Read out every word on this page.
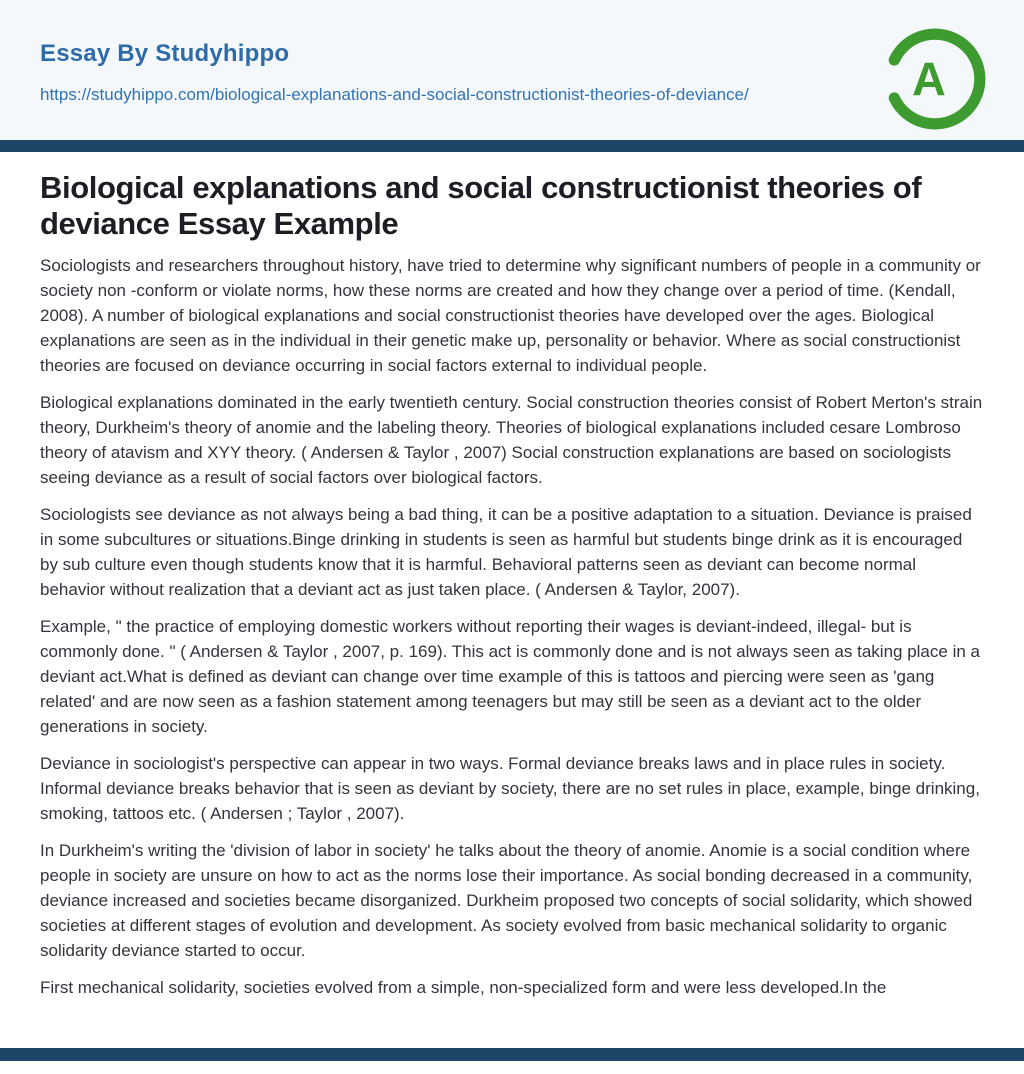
Essay By Studyhippo
https://studyhippo.com/biological-explanations-and-social-constructionist-theories-of-deviance/	A
Biological explanations and social constructionist theories of deviance Essay Example

Sociologists and researchers throughout history, have tried to determine why significant numbers of people in a community or society non -conform or violate norms, how these norms are created and how they change over a period of time. (Kendall, 2008). A number of biological explanations and social constructionist theories have developed over the ages. Biological explanations are seen as in the individual in their genetic make up, personality or behavior. Where as social constructionist theories are focused on deviance occurring in social factors external to individual people.

Biological explanations dominated in the early twentieth century. Social construction theories consist of Robert Merton's strain theory, Durkheim's theory of anomie and the labeling theory. Theories of biological explanations included cesare Lombroso theory of atavism and XYY theory. ( Andersen & Taylor , 2007) Social construction explanations are based on sociologists seeing deviance as a result of social factors over biological factors.

Sociologists see deviance as not always being a bad thing, it can be a positive adaptation to a situation. Deviance is praised in some subcultures or situations.Binge drinking in students is seen as harmful but students binge drink as it is encouraged by sub culture even though students know that it is harmful. Behavioral patterns seen as deviant can become normal behavior without realization that a deviant act as just taken place. ( Andersen & Taylor, 2007).

Example, " the practice of employing domestic workers without reporting their wages is deviant-indeed, illegal- but is commonly done. " ( Andersen & Taylor , 2007, p. 169). This act is commonly done and is not always seen as taking place in a deviant act.What is defined as deviant can change over time example of this is tattoos and piercing were seen as 'gang related' and are now seen as a fashion statement among teenagers but may still be seen as a deviant act to the older generations in society.

Deviance in sociologist's perspective can appear in two ways. Formal deviance breaks laws and in place rules in society. Informal deviance breaks behavior that is seen as deviant by society, there are no set rules in place, example, binge drinking, smoking, tattoos etc. ( Andersen ; Taylor , 2007).

In Durkheim's writing the 'division of labor in society' he talks about the theory of anomie. Anomie is a social condition where people in society are unsure on how to act as the norms lose their importance. As social bonding decreased in a community, deviance increased and societies became disorganized. Durkheim proposed two concepts of social solidarity, which showed societies at different stages of evolution and development. As society evolved from basic mechanical solidarity to organic solidarity deviance started to occur.

First mechanical solidarity, societies evolved from a simple, non-specialized form and were less developed.In the
